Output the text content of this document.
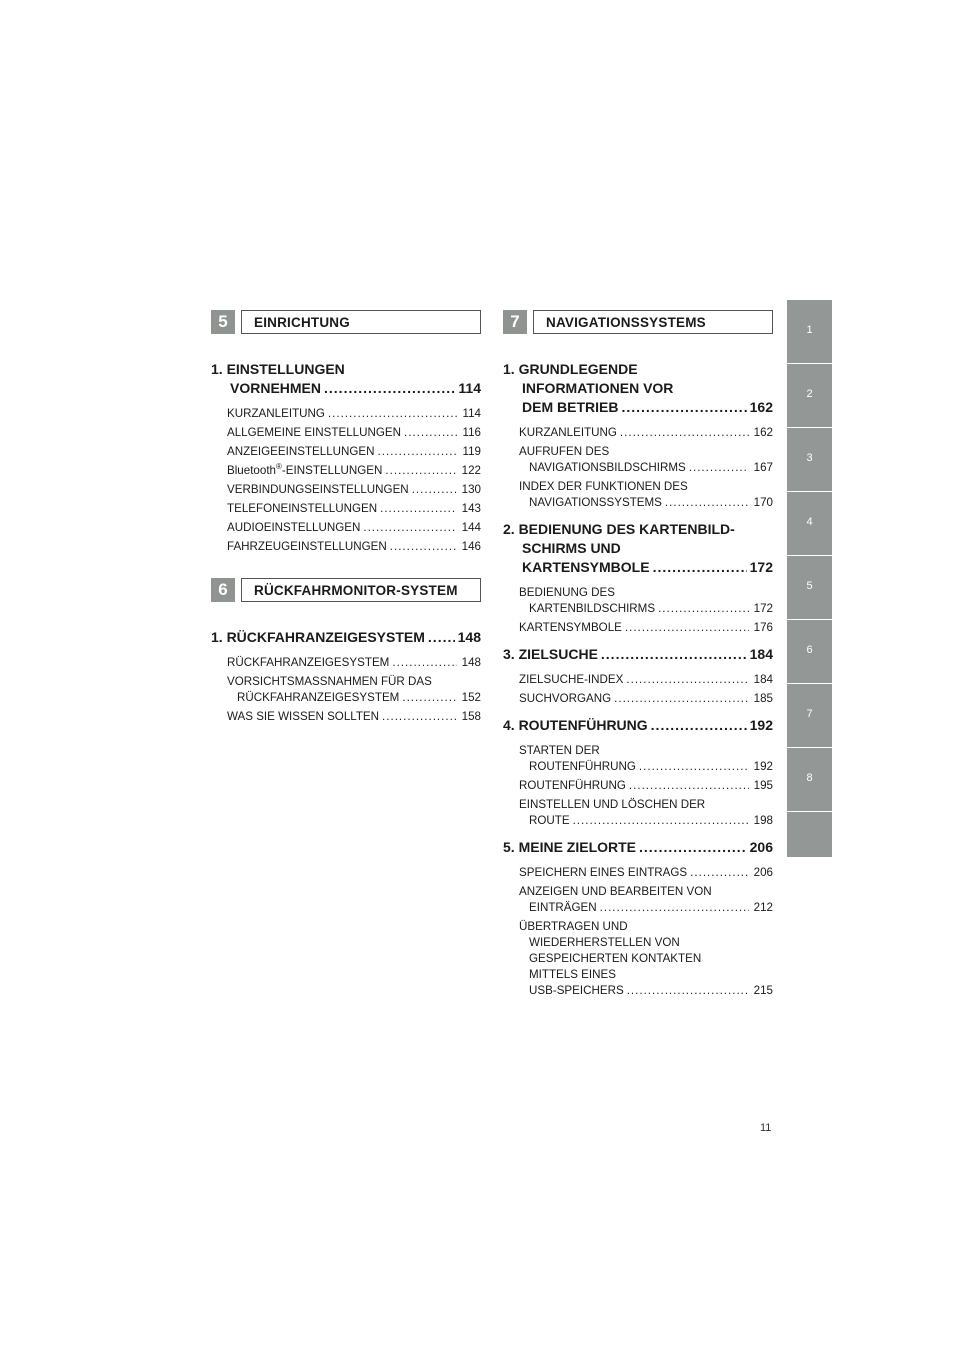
5	EINRICHTUNG
1. EINSTELLUNGEN
VORNEHMEN .....	114
KURZANLEITUNG .....	114
ALLGEMEINE EINSTELLUNGEN .....	116
ANZEIGEEINSTELLUNGEN .....	119
Bluetooth®-EINSTELLUNGEN .....	122
VERBINDUNGSEINSTELLUNGEN .....	130
TELEFONEINSTELLUNGEN .....	143
AUDIOEINSTELLUNGEN .....	144
FAHRZEUGEINSTELLUNGEN .....	146
6	RÜCKFAHRMONITOR-SYSTEM
1. RÜCKFAHRANZEIGESYSTEM ..... 148
RÜCKFAHRANZEIGESYSTEM .....	148
VORSICHTSMASSNAHMEN FÜR DAS
RÜCKFAHRANZEIGESYSTEM .....	152
WAS SIE WISSEN SOLLTEN .....	158
7	NAVIGATIONSSYSTEMS
1. GRUNDLEGENDE
INFORMATIONEN VOR
DEM BETRIEB .....	162
KURZANLEITUNG .....	162
AUFRUFEN DES
NAVIGATIONSBILDSCHIRMS .....	167
INDEX DER FUNKTIONEN DES
NAVIGATIONSSYSTEMS .....	170
2. BEDIENUNG DES KARTENBILD-
SCHIRMS UND
KARTENSYMBOLE .....	172
BEDIENUNG DES
KARTENBILDSCHIRMS .....	172
KARTENSYMBOLE .....	176
3. ZIELSUCHE .....	184
ZIELSUCHE-INDEX .....	184
SUCHVORGANG .....	185
4. ROUTENFÜHRUNG .....	192
STARTEN DER
ROUTENFÜHRUNG .....	192
ROUTENFÜHRUNG .....	195
EINSTELLEN UND LÖSCHEN DER
ROUTE .....	198
5. MEINE ZIELORTE .....	206
SPEICHERN EINES EINTRAGS .....	206
ANZEIGEN UND BEARBEITEN VON
EINTRÄGEN .....	212
ÜBERTRAGEN UND
WIEDERHERSTELLEN VON
GESPEICHERTEN KONTAKTEN
MITTELS EINES
USB-SPEICHERS .....	215
1
2
3
4
5
6
7
8
11
